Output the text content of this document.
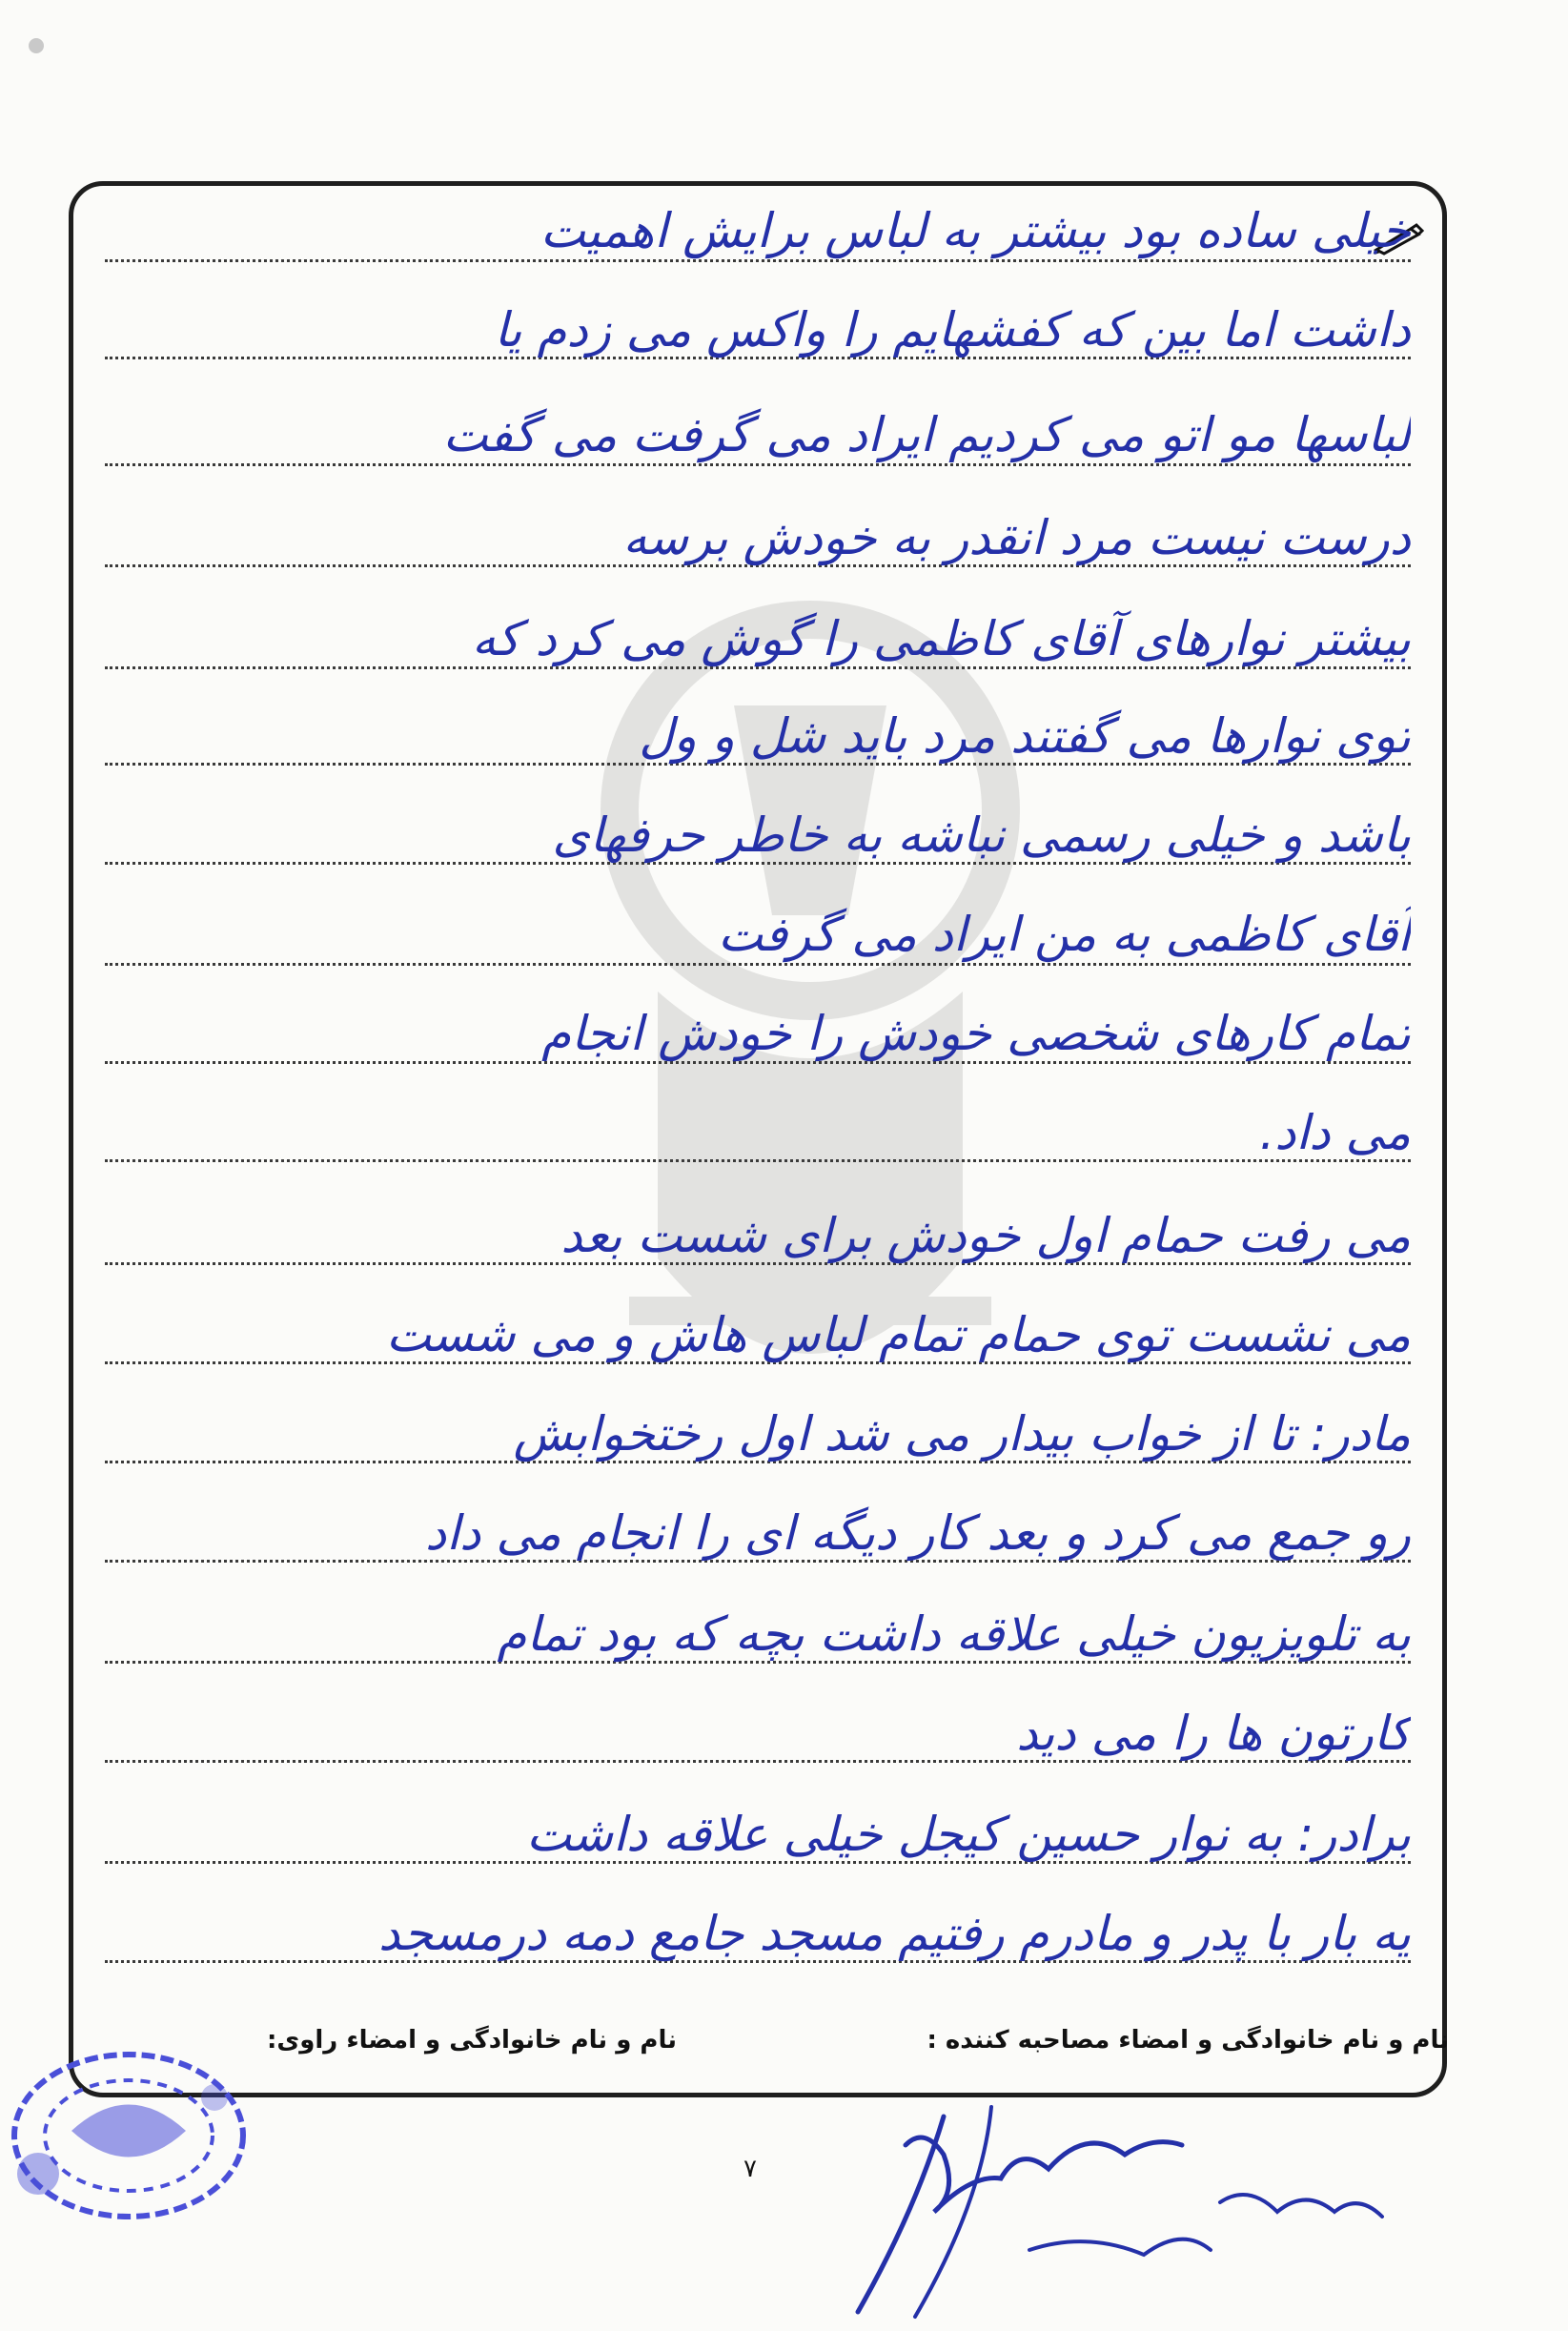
خیلی ساده بود بیشتر به لباس برایش اهمیت
داشت اما بین که کفشهایم را واکس می زدم یا
لباسها مو اتو می کردیم ایراد می گرفت می گفت
درست نیست مرد انقدر به خودش برسه
بیشتر نوارهای آقای کاظمی را گوش می کرد که
توی نوارها می گفتند مرد باید شل و ول
باشد و خیلی رسمی نباشه به خاطر حرفهای
آقای کاظمی به من ایراد می گرفت
تمام کارهای شخصی خودش را خودش انجام
می داد.
می رفت حمام اول خودش برای شست بعد
می نشست توی حمام تمام لباس هاش و می شست
مادر: تا از خواب بیدار می شد اول رختخوابش
رو جمع می کرد و بعد کار دیگه ای را انجام می داد
به تلویزیون خیلی علاقه داشت بچه که بود تمام
کارتون ها را می دید
برادر: به نوار حسین کیجل خیلی علاقه داشت
یه بار با پدر و مادرم رفتیم مسجد جامع دمه درمسجد
نام و نام خانوادگی و امضاء مصاحبه کننده :
نام و نام خانوادگی و امضاء راوی:
۷
